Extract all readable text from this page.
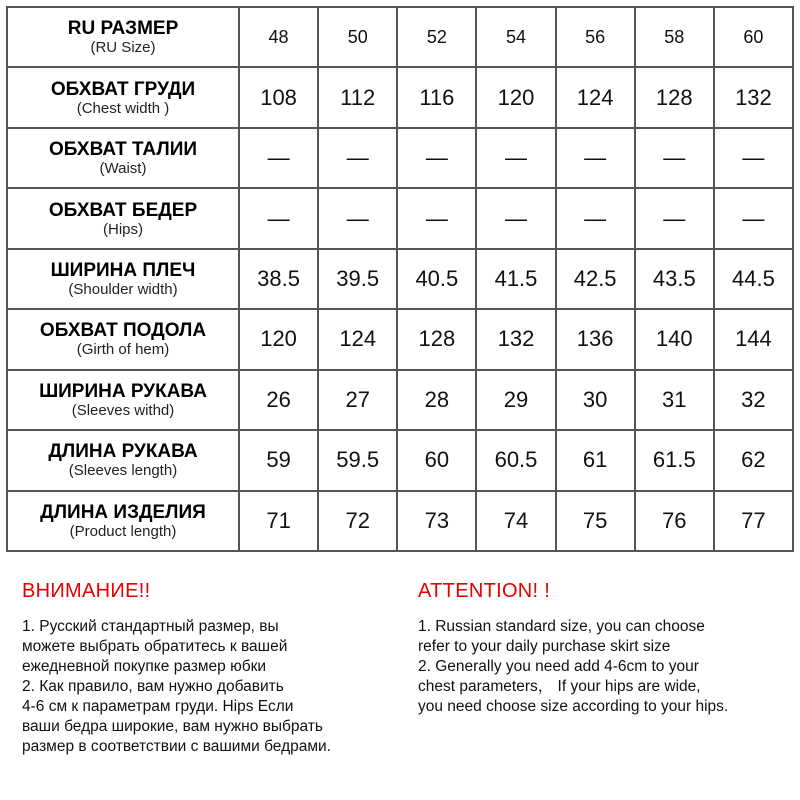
RU РАЗМЕР
(RU Size)	48	50	52	54	56	58	60

ОБХВАТ ГРУДИ
(Chest width )	108	112	116	120	124	128	132

ОБХВАТ ТАЛИИ
(Waist)	—	—	—	—	—	—	—

ОБХВАТ БЕДЕР
(Hips)	—	—	—	—	—	—	—

ШИРИНА ПЛЕЧ
(Shoulder width)	38.5	39.5	40.5	41.5	42.5	43.5	44.5

ОБХВАТ ПОДОЛА
(Girth of hem)	120	124	128	132	136	140	144

ШИРИНА РУКАВА
(Sleeves withd)	26	27	28	29	30	31	32

ДЛИНА РУКАВА
(Sleeves length)	59	59.5	60	60.5	61	61.5	62

ДЛИНА ИЗДЕЛИЯ
(Product length)	71	72	73	74	75	76	77
ВНИМАНИЕ!!
1. Русский стандартный размер, вы
можете выбрать обратитесь к вашей
ежедневной покупке размер юбки
2. Как правило, вам нужно добавить
4-6 см к параметрам груди. Hips Если
ваши бедра широкие, вам нужно выбрать
размер в соответствии с вашими бедрами.
ATTENTION! !
1. Russian standard size, you can choose
refer to your daily purchase skirt size
2. Generally you need add 4-6cm to your
chest parameters， If your hips are wide,
you need choose size according to your hips.
